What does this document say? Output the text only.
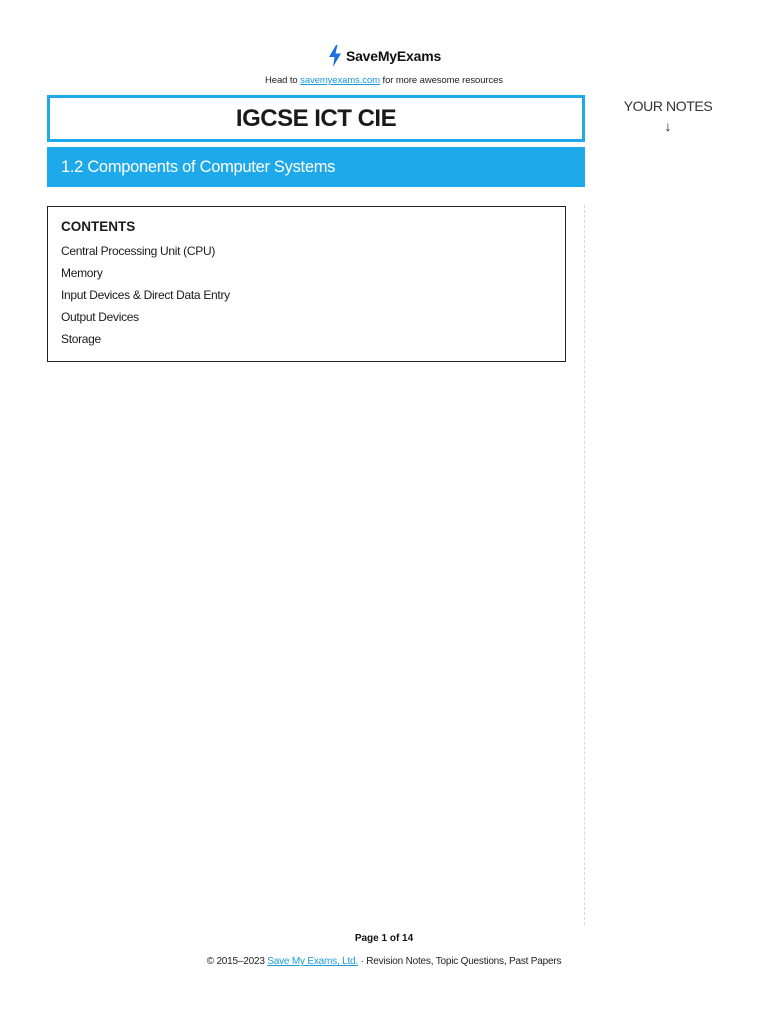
SaveMyExams
Head to savemyexams.com for more awesome resources
IGCSE ICT CIE
1.2 Components of Computer Systems
YOUR NOTES
↓
CONTENTS
Central Processing Unit (CPU)
Memory
Input Devices & Direct Data Entry
Output Devices
Storage
Page 1 of 14
© 2015–2023 Save My Exams, Ltd. · Revision Notes, Topic Questions, Past Papers
